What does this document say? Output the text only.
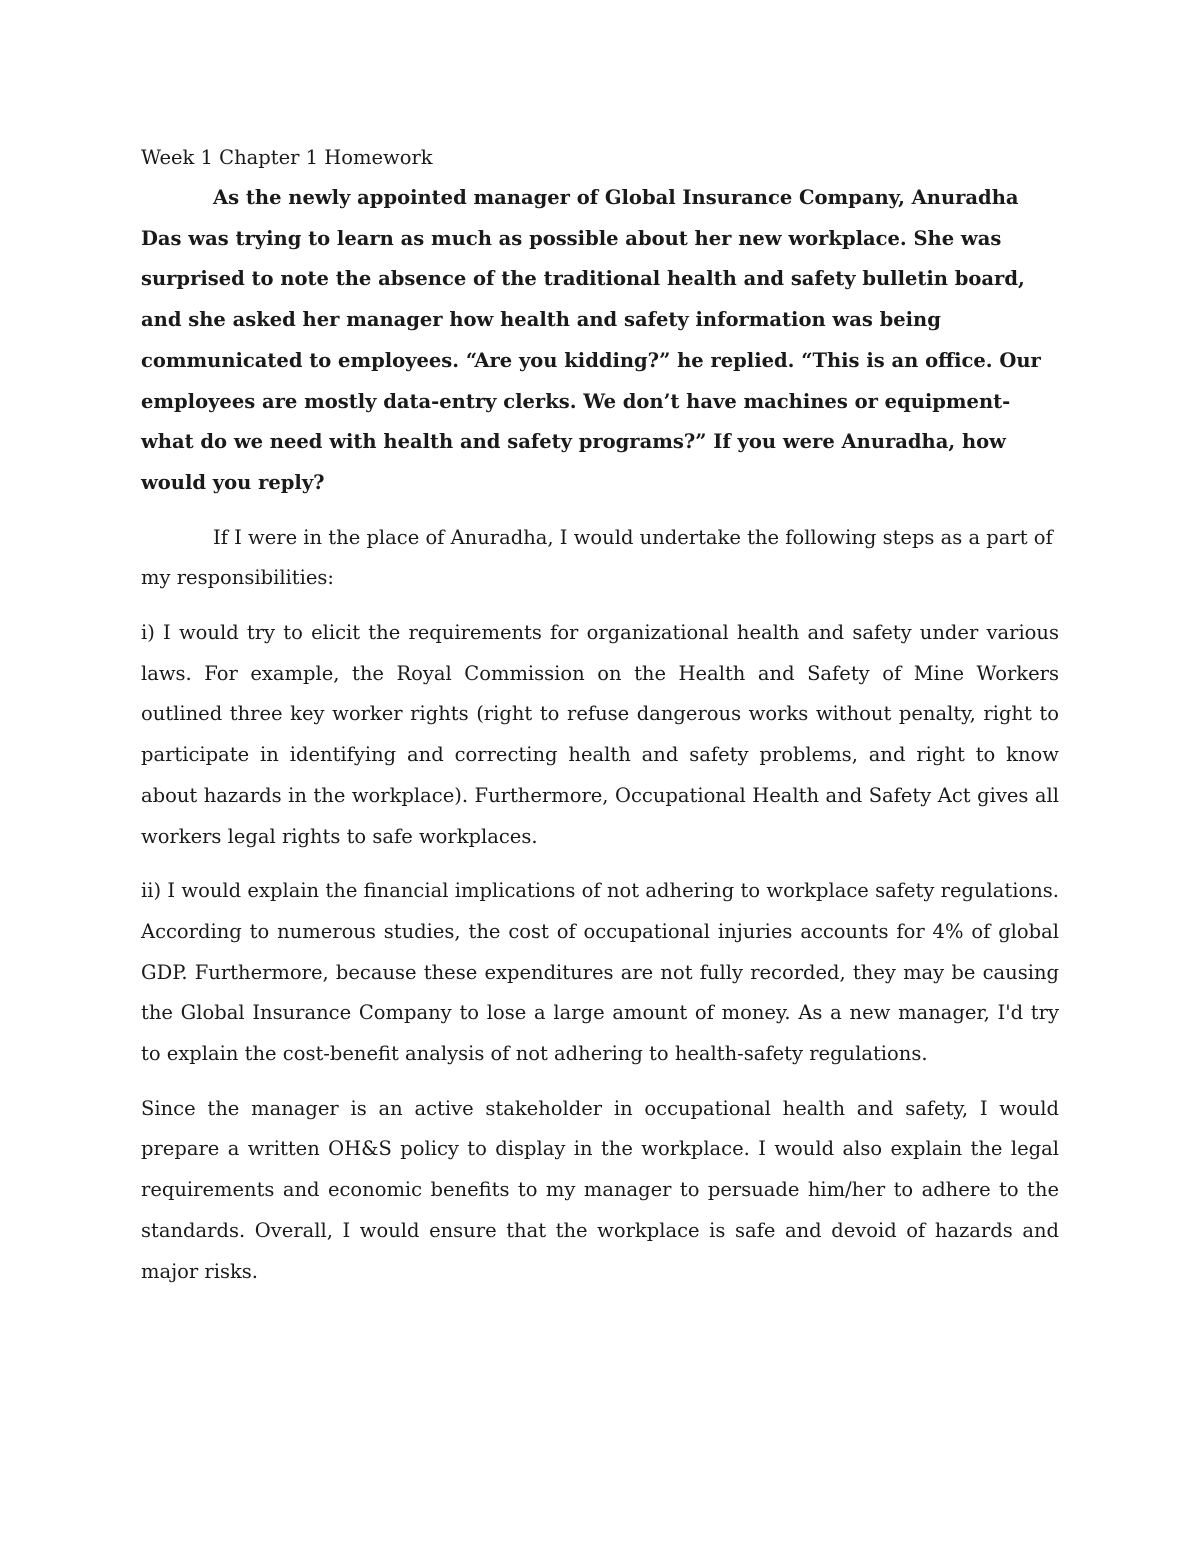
Week 1 Chapter 1 Homework

As the newly appointed manager of Global Insurance Company, Anuradha Das was trying to learn as much as possible about her new workplace. She was surprised to note the absence of the traditional health and safety bulletin board, and she asked her manager how health and safety information was being communicated to employees. “Are you kidding?” he replied. “This is an office. Our employees are mostly data-entry clerks. We don’t have machines or equipment-what do we need with health and safety programs?” If you were Anuradha, how would you reply?

If I were in the place of Anuradha, I would undertake the following steps as a part of my responsibilities:

i) I would try to elicit the requirements for organizational health and safety under various laws. For example, the Royal Commission on the Health and Safety of Mine Workers outlined three key worker rights (right to refuse dangerous works without penalty, right to participate in identifying and correcting health and safety problems, and right to know about hazards in the workplace). Furthermore, Occupational Health and Safety Act gives all workers legal rights to safe workplaces.

ii) I would explain the financial implications of not adhering to workplace safety regulations. According to numerous studies, the cost of occupational injuries accounts for 4% of global GDP. Furthermore, because these expenditures are not fully recorded, they may be causing the Global Insurance Company to lose a large amount of money. As a new manager, I'd try to explain the cost-benefit analysis of not adhering to health-safety regulations.

Since the manager is an active stakeholder in occupational health and safety, I would prepare a written OH&S policy to display in the workplace. I would also explain the legal requirements and economic benefits to my manager to persuade him/her to adhere to the standards. Overall, I would ensure that the workplace is safe and devoid of hazards and major risks.
